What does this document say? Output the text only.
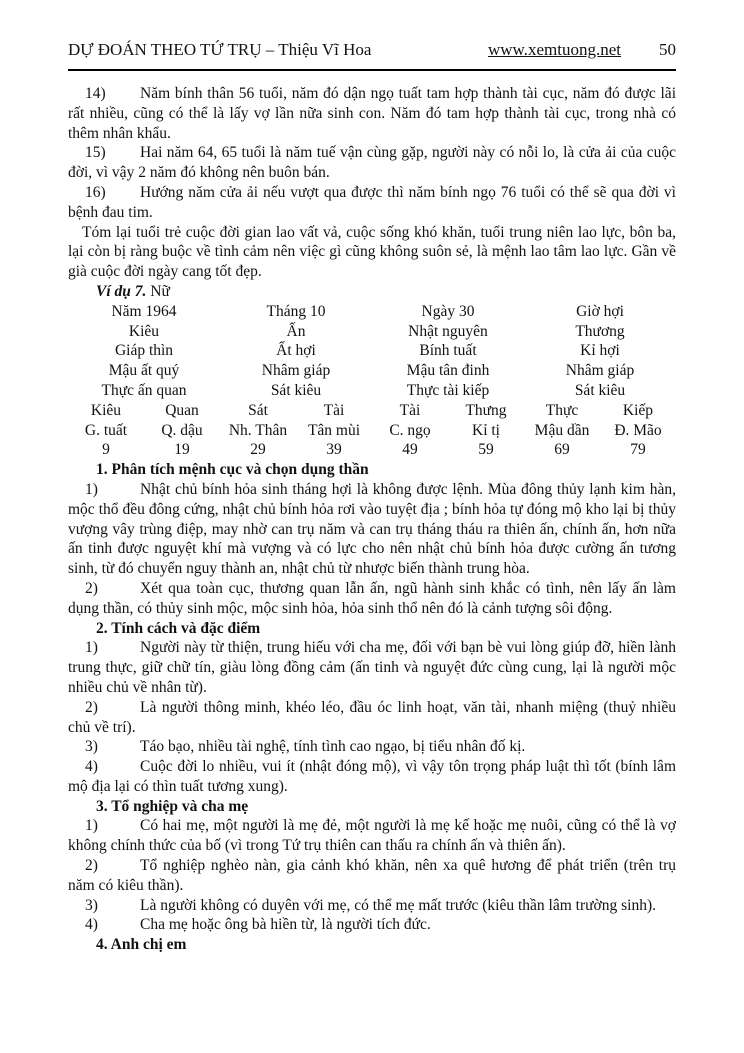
DỰ ĐOÁN THEO TỨ TRỤ – Thiệu Vĩ Hoa	www.xemtuong.net 50

14) Năm bính thân 56 tuổi, năm đó dận ngọ tuất tam hợp thành tài cục, năm đó được lãi rất nhiều, cũng có thể là lấy vợ lần nữa sinh con. Năm đó tam hợp thành tài cục, trong nhà có thêm nhân khẩu.

15) Hai năm 64, 65 tuổi là năm tuế vận cùng gặp, người này có nỗi lo, là cửa ải của cuộc đời, vì vậy 2 năm đó không nên buôn bán.

16) Hướng năm cửa ải nếu vượt qua được thì năm bính ngọ 76 tuổi có thể sẽ qua đời vì bệnh đau tim.

Tóm lại tuổi trẻ cuộc đời gian lao vất vả, cuộc sống khó khăn, tuổi trung niên lao lực, bôn ba, lại còn bị ràng buộc về tình cảm nên việc gì cũng không suôn sẻ, là mệnh lao tâm lao lực. Gần về già cuộc đời ngày cang tốt đẹp.

Ví dụ 7. Nữ

Năm 1964	Tháng 10	Ngày 30	Giờ hợi
Kiêu	Ấn	Nhật nguyên	Thương
Giáp thìn	Ất hợi	Bính tuất	Kỉ hợi
Mậu ất quý	Nhâm giáp	Mậu tân đinh	Nhâm giáp
Thực ấn quan	Sát kiêu	Thực tài kiếp	Sát kiêu
Kiêu	Quan	Sát	Tài	Tài	Thưng	Thực	Kiếp
G. tuất	Q. dậu	Nh. Thân	Tân mùi	C. ngọ	Kỉ tị	Mậu dần	Đ. Mão
9	19	29	39	49	59	69	79

1. Phân tích mệnh cục và chọn dụng thần

1)	Nhật chủ bính hỏa sinh tháng hợi là không được lệnh. Mùa đông thủy lạnh kim hàn, mộc thổ đều đông cứng, nhật chủ bính hỏa rơi vào tuyệt địa ; bính hỏa tự đóng mộ kho lại bị thủy vượng vây trùng điệp, may nhờ can trụ năm và can trụ tháng tháu ra thiên ấn, chính ấn, hơn nữa ấn tinh được nguyệt khí mà vượng và có lực cho nên nhật chủ bính hỏa được cường ấn tương sinh, từ đó chuyển nguy thành an, nhật chủ từ nhược biến thành trung hòa.

2)	Xét qua toàn cục, thương quan lẫn ấn, ngũ hành sinh khắc có tình, nên lấy ấn làm dụng thần, có thủy sinh mộc, mộc sinh hỏa, hỏa sinh thổ nên đó là cảnh tượng sôi động.

2. Tính cách và đặc điểm

1)	Người này từ thiện, trung hiếu với cha mẹ, đối với bạn bè vui lòng giúp đỡ, hiền lành trung thực, giữ chữ tín, giàu lòng đồng cảm (ấn tinh và nguyệt đức cùng cung, lại là người mộc nhiều chủ về nhân từ).

2)	Là người thông minh, khéo léo, đầu óc linh hoạt, văn tài, nhanh miệng (thuỷ nhiều chủ về trí).

3)	Táo bạo, nhiều tài nghệ, tính tình cao ngạo, bị tiểu nhân đố kị.

4)	Cuộc đời lo nhiều, vui ít (nhật đóng mộ), vì vậy tôn trọng pháp luật thì tốt (bính lâm mộ địa lại có thìn tuất tương xung).

3. Tổ nghiệp và cha mẹ

1)	Có hai mẹ, một người là mẹ đẻ, một người là mẹ kế hoặc mẹ nuôi, cũng có thể là vợ không chính thức của bố (vì trong Tứ trụ thiên can thấu ra chính ấn và thiên ấn).

2)	Tổ nghiệp nghèo nàn, gia cảnh khó khăn, nên xa quê hương để phát triển (trên trụ năm có kiêu thần).

3)	Là người không có duyên với mẹ, có thể mẹ mất trước (kiêu thần lâm trường sinh).

4)	Cha mẹ hoặc ông bà hiền từ, là người tích đức.

4. Anh chị em
